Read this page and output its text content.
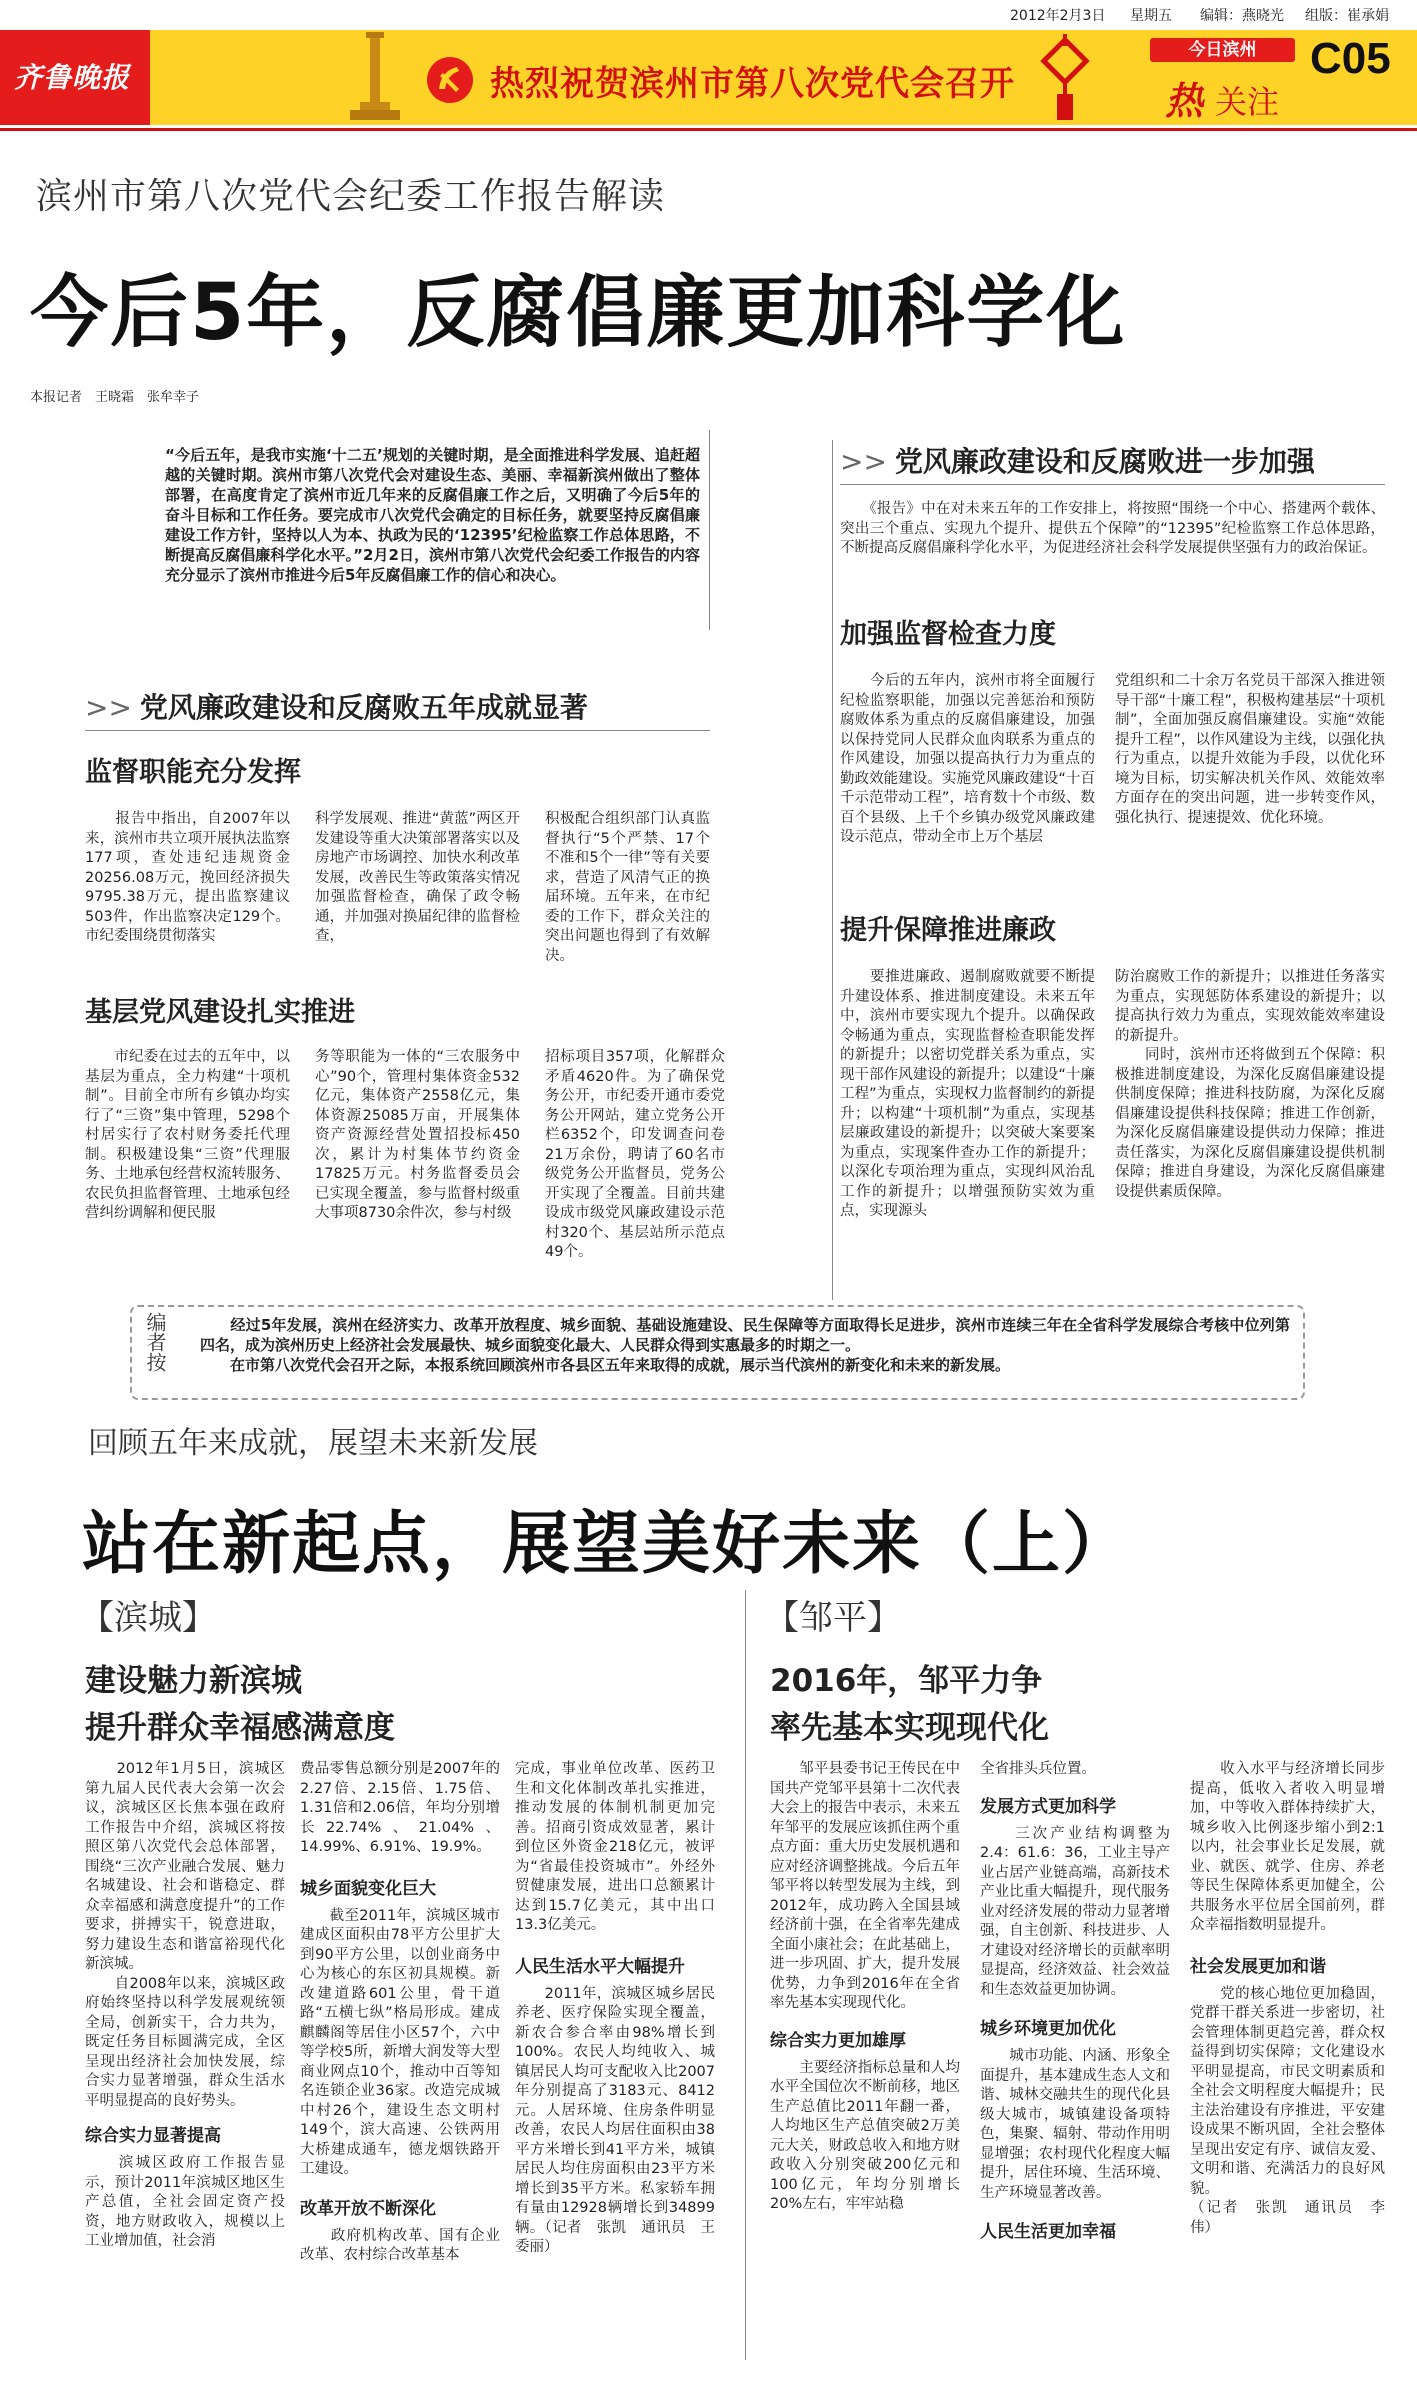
2012年2月3日 星期五 编辑：燕晓光 组版：崔承娟
齐鲁晚报	热烈祝贺滨州市第八次党代会召开
今日滨州
热 关注
C05
滨州市第八次党代会纪委工作报告解读
今后5年，反腐倡廉更加科学化
本报记者　王晓霜　张牟幸子
“今后五年，是我市实施‘十二五’规划的关键时期，是全面推进科学发展、追赶超越的关键时期。滨州市第八次党代会对建设生态、美丽、幸福新滨州做出了整体部署，在高度肯定了滨州市近几年来的反腐倡廉工作之后，又明确了今后5年的奋斗目标和工作任务。要完成市八次党代会确定的目标任务，就要坚持反腐倡廉建设工作方针，坚持以人为本、执政为民的‘12395’纪检监察工作总体思路，不断提高反腐倡廉科学化水平。”2月2日，滨州市第八次党代会纪委工作报告的内容充分显示了滨州市推进今后5年反腐倡廉工作的信心和决心。
>> 党风廉政建设和反腐败五年成就显著
监督职能充分发挥
　　报告中指出，自2007年以来，滨州市共立项开展执法监察177项，查处违纪违规资金20256.08万元，挽回经济损失9795.38万元，提出监察建议503件，作出监察决定129个。市纪委围绕贯彻落实
科学发展观、推进“黄蓝”两区开发建设等重大决策部署落实以及房地产市场调控、加快水利改革发展，改善民生等政策落实情况加强监督检查，确保了政令畅通，并加强对换届纪律的监督检查，
积极配合组织部门认真监督执行“5个严禁、17个不准和5个一律”等有关要求，营造了风清气正的换届环境。五年来，在市纪委的工作下，群众关注的突出问题也得到了有效解决。
基层党风建设扎实推进
　　市纪委在过去的五年中，以基层为重点，全力构建“十项机制”。目前全市所有乡镇办均实行了“三资”集中管理，5298个村居实行了农村财务委托代理制。积极建设集“三资”代理服务、土地承包经营权流转服务、农民负担监督管理、土地承包经营纠纷调解和便民服
务等职能为一体的“三农服务中心”90个，管理村集体资金532亿元，集体资产2558亿元，集体资源25085万亩，开展集体资产资源经营处置招投标450次，累计为村集体节约资金17825万元。村务监督委员会已实现全覆盖，参与监督村级重大事项8730余件次，参与村级
招标项目357项，化解群众矛盾4620件。为了确保党务公开，市纪委开通市委党务公开网站，建立党务公开栏6352个，印发调查问卷21万余份，聘请了60名市级党务公开监督员，党务公开实现了全覆盖。目前共建设成市级党风廉政建设示范村320个、基层站所示范点49个。
>> 党风廉政建设和反腐败进一步加强
　　《报告》中在对未来五年的工作安排上，将按照“围绕一个中心、搭建两个载体、突出三个重点、实现九个提升、提供五个保障”的“12395”纪检监察工作总体思路，不断提高反腐倡廉科学化水平，为促进经济社会科学发展提供坚强有力的政治保证。
加强监督检查力度
　　今后的五年内，滨州市将全面履行纪检监察职能，加强以完善惩治和预防腐败体系为重点的反腐倡廉建设，加强以保持党同人民群众血肉联系为重点的作风建设，加强以提高执行力为重点的勤政效能建设。实施党风廉政建设“十百千示范带动工程”，培育数十个市级、数百个县级、上千个乡镇办级党风廉政建设示范点，带动全市上万个基层
党组织和二十余万名党员干部深入推进领导干部“十廉工程”，积极构建基层“十项机制”，全面加强反腐倡廉建设。实施“效能提升工程”，以作风建设为主线，以强化执行为重点，以提升效能为手段，以优化环境为目标，切实解决机关作风、效能效率方面存在的突出问题，进一步转变作风，强化执行、提速提效、优化环境。
提升保障推进廉政
　　要推进廉政、遏制腐败就要不断提升建设体系、推进制度建设。未来五年中，滨州市要实现九个提升。以确保政令畅通为重点，实现监督检查职能发挥的新提升；以密切党群关系为重点，实现干部作风建设的新提升；以建设“十廉工程”为重点，实现权力监督制约的新提升；以构建“十项机制”为重点，实现基层廉政建设的新提升；以突破大案要案为重点，实现案件查办工作的新提升；以深化专项治理为重点，实现纠风治乱工作的新提升；以增强预防实效为重点，实现源头
防治腐败工作的新提升；以推进任务落实为重点，实现惩防体系建设的新提升；以提高执行效力为重点，实现效能效率建设的新提升。
　　同时，滨州市还将做到五个保障：积极推进制度建设，为深化反腐倡廉建设提供制度保障；推进科技防腐，为深化反腐倡廉建设提供科技保障；推进工作创新，为深化反腐倡廉建设提供动力保障；推进责任落实，为深化反腐倡廉建设提供机制保障；推进自身建设，为深化反腐倡廉建设提供素质保障。
编者按	　　经过5年发展，滨州在经济实力、改革开放程度、城乡面貌、基础设施建设、民生保障等方面取得长足进步，滨州市连续三年在全省科学发展综合考核中位列第四名，成为滨州历史上经济社会发展最快、城乡面貌变化最大、人民群众得到实惠最多的时期之一。
　　在市第八次党代会召开之际，本报系统回顾滨州市各县区五年来取得的成就，展示当代滨州的新变化和未来的新发展。
回顾五年来成就，展望未来新发展
站在新起点，展望美好未来（上）
【滨城】
建设魅力新滨城
提升群众幸福感满意度
　　2012年1月5日，滨城区第九届人民代表大会第一次会议，滨城区区长焦本强在政府工作报告中介绍，滨城区将按照区第八次党代会总体部署，围绕“三次产业融合发展、魅力名城建设、社会和谐稳定、群众幸福感和满意度提升”的工作要求，拼搏实干，锐意进取，努力建设生态和谐富裕现代化新滨城。
　　自2008年以来，滨城区政府始终坚持以科学发展观统领全局，创新实干，合力共为，既定任务目标圆满完成，全区呈现出经济社会加快发展，综合实力显著增强，群众生活水平明显提高的良好势头。
综合实力显著提高
　　滨城区政府工作报告显示，预计2011年滨城区地区生产总值，全社会固定资产投资，地方财政收入，规模以上工业增加值，社会消
费品零售总额分别是2007年的2.27倍、2.15倍、1.75倍、1.31倍和2.06倍，年均分别增长22.74%、21.04%、14.99%、6.91%、19.9%。
城乡面貌变化巨大
　　截至2011年，滨城区城市建成区面积由78平方公里扩大到90平方公里，以创业商务中心为核心的东区初具规模。新改建道路601公里，骨干道路“五横七纵”格局形成。建成麒麟阁等居住小区57个，六中等学校5所，新增大润发等大型商业网点10个，推动中百等知名连锁企业36家。改造完成城中村26个，建设生态文明村149个，滨大高速、公铁两用大桥建成通车，德龙烟铁路开工建设。
改革开放不断深化
　　政府机构改革、国有企业改革、农村综合改革基本
完成，事业单位改革、医药卫生和文化体制改革扎实推进，推动发展的体制机制更加完善。招商引资成效显著，累计到位区外资金218亿元，被评为“省最佳投资城市”。外经外贸健康发展，进出口总额累计达到15.7亿美元，其中出口13.3亿美元。
人民生活水平大幅提升
　　2011年，滨城区城乡居民养老、医疗保险实现全覆盖，新农合参合率由98%增长到100%。农民人均纯收入、城镇居民人均可支配收入比2007年分别提高了3183元、8412元。人居环境、住房条件明显改善，农民人均居住面积由38平方米增长到41平方米，城镇居民人均住房面积由23平方米增长到35平方米。私家轿车拥有量由12928辆增长到34899辆。（记者　张凯　通讯员　王委丽）
【邹平】
2016年，邹平力争
率先基本实现现代化
　　邹平县委书记王传民在中国共产党邹平县第十二次代表大会上的报告中表示，未来五年邹平的发展应该抓住两个重点方面：重大历史发展机遇和应对经济调整挑战。今后五年邹平将以转型发展为主线，到2012年，成功跨入全国县域经济前十强，在全省率先建成全面小康社会；在此基础上，进一步巩固、扩大，提升发展优势，力争到2016年在全省率先基本实现现代化。
综合实力更加雄厚
　　主要经济指标总量和人均水平全国位次不断前移，地区生产总值比2011年翻一番，人均地区生产总值突破2万美元大关，财政总收入和地方财政收入分别突破200亿元和100亿元，年均分别增长20%左右，牢牢站稳
全省排头兵位置。
发展方式更加科学
　　三次产业结构调整为2.4：61.6：36，工业主导产业占居产业链高端，高新技术产业比重大幅提升，现代服务业对经济发展的带动力显著增强，自主创新、科技进步、人才建设对经济增长的贡献率明显提高，经济效益、社会效益和生态效益更加协调。
城乡环境更加优化
　　城市功能、内涵、形象全面提升，基本建成生态人文和谐、城林交融共生的现代化县级大城市，城镇建设备项特色，集聚、辐射、带动作用明显增强；农村现代化程度大幅提升，居住环境、生活环境、生产环境显著改善。
人民生活更加幸福
　　收入水平与经济增长同步提高，低收入者收入明显增加，中等收入群体持续扩大，城乡收入比例逐步缩小到2:1以内，社会事业长足发展，就业、就医、就学、住房、养老等民生保障体系更加健全，公共服务水平位居全国前列，群众幸福指数明显提升。
社会发展更加和谐
　　党的核心地位更加稳固，党群干群关系进一步密切，社会管理体制更趋完善，群众权益得到切实保障；文化建设水平明显提高，市民文明素质和全社会文明程度大幅提升；民主法治建设有序推进，平安建设成果不断巩固，全社会整体呈现出安定有序、诚信友爱、文明和谐、充满活力的良好风貌。
（记者　张凯　通讯员　李伟）
